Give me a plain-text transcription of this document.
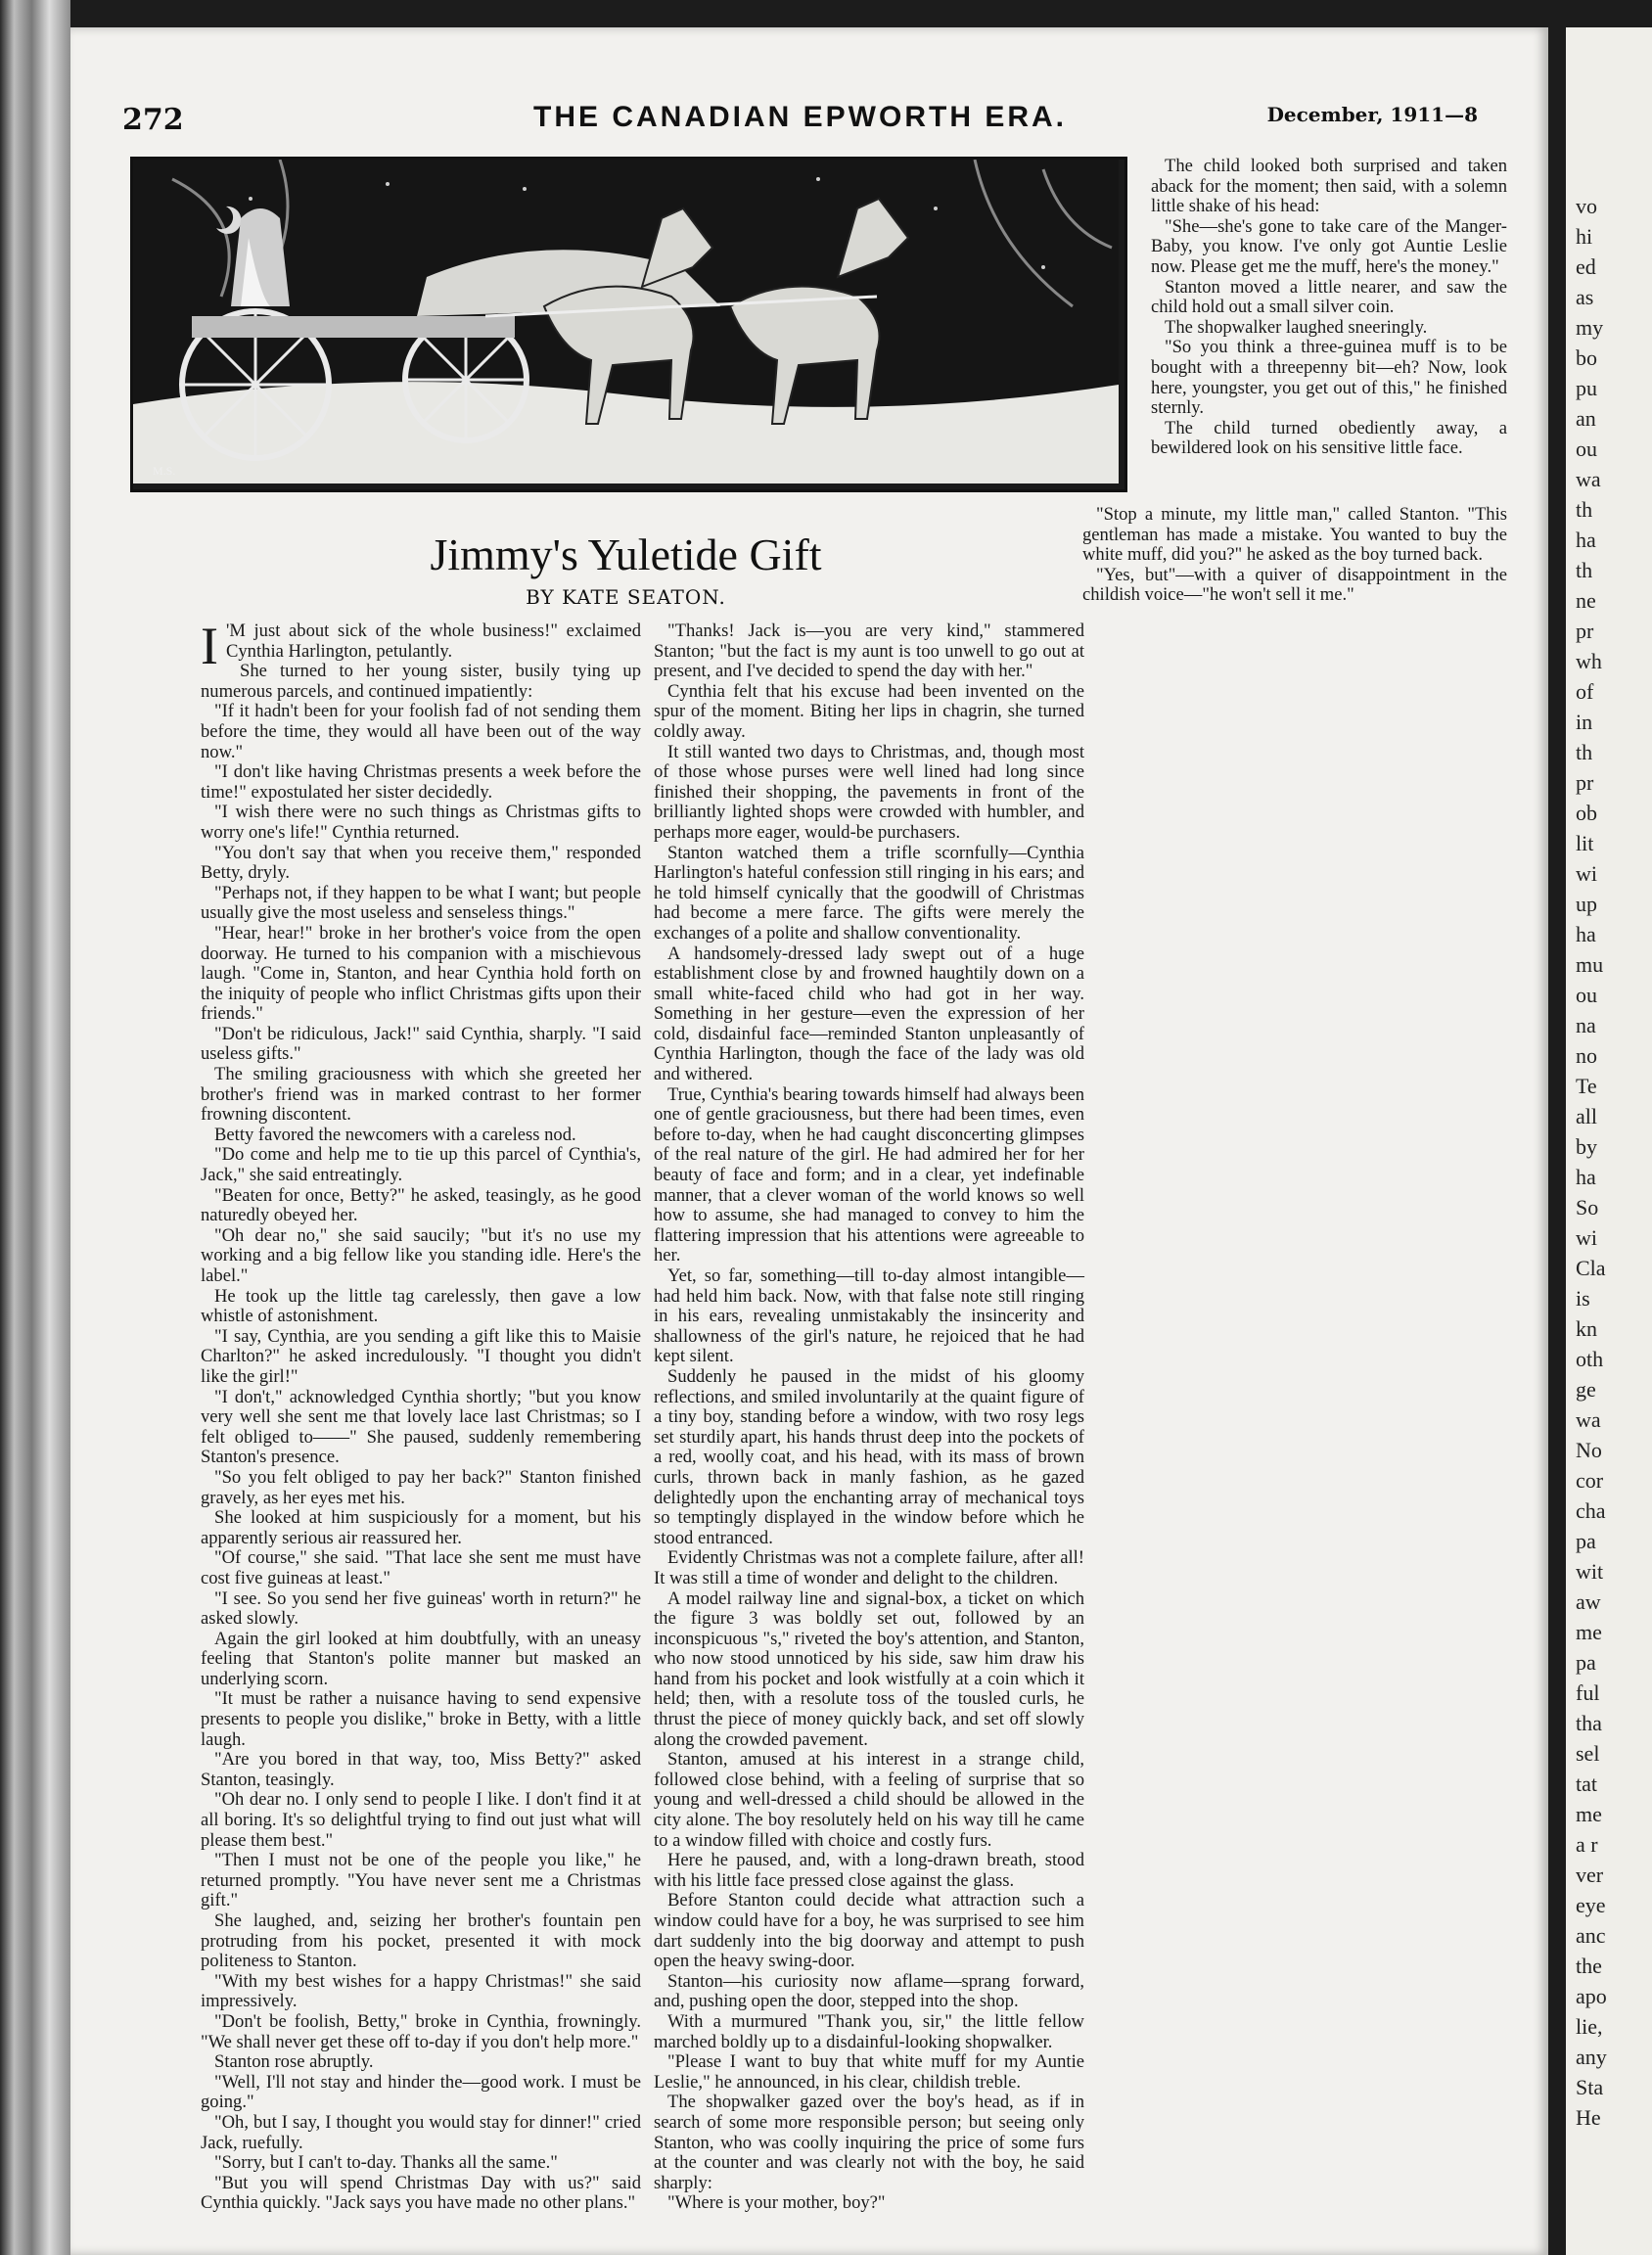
vo
hi
ed
as
my
bo
pu
an
ou
wa
th
ha
th
ne
pr
wh
of
in
th
pr
ob
lit
wi
up
ha
mu
ou
na
no
Te
all
by
ha
So
wi
Cla
is
kn
oth
ge
wa
No
cor
cha
pa
wit
aw
me
pa
ful
tha
sel
tat
me
a r
ver
eye
anc
the
apo
lie,
any
Sta
He
272	THE CANADIAN EPWORTH ERA.	December, 1911—8
M.S.
Jimmy's Yuletide Gift
BY KATE SEATON.

I 'M just about sick of the whole business!" exclaimed Cynthia Harlington, petulantly.

She turned to her young sister, busily tying up numerous parcels, and continued impatiently:

"If it hadn't been for your foolish fad of not sending them before the time, they would all have been out of the way now."

"I don't like having Christmas presents a week before the time!" expostulated her sister decidedly.

"I wish there were no such things as Christmas gifts to worry one's life!" Cynthia returned.

"You don't say that when you receive them," responded Betty, dryly.

"Perhaps not, if they happen to be what I want; but people usually give the most useless and senseless things."

"Hear, hear!" broke in her brother's voice from the open doorway. He turned to his companion with a mischievous laugh. "Come in, Stanton, and hear Cynthia hold forth on the iniquity of people who inflict Christmas gifts upon their friends."

"Don't be ridiculous, Jack!" said Cynthia, sharply. "I said useless gifts."

The smiling graciousness with which she greeted her brother's friend was in marked contrast to her former frowning discontent.

Betty favored the newcomers with a careless nod.

"Do come and help me to tie up this parcel of Cynthia's, Jack," she said entreatingly.

"Beaten for once, Betty?" he asked, teasingly, as he good naturedly obeyed her.

"Oh dear no," she said saucily; "but it's no use my working and a big fellow like you standing idle. Here's the label."

He took up the little tag carelessly, then gave a low whistle of astonishment.

"I say, Cynthia, are you sending a gift like this to Maisie Charlton?" he asked incredulously. "I thought you didn't like the girl!"

"I don't," acknowledged Cynthia shortly; "but you know very well she sent me that lovely lace last Christmas; so I felt obliged to——" She paused, suddenly remembering Stanton's presence.

"So you felt obliged to pay her back?" Stanton finished gravely, as her eyes met his.

She looked at him suspiciously for a moment, but his apparently serious air reassured her.

"Of course," she said. "That lace she sent me must have cost five guineas at least."

"I see. So you send her five guineas' worth in return?" he asked slowly.

Again the girl looked at him doubtfully, with an uneasy feeling that Stanton's polite manner but masked an underlying scorn.

"It must be rather a nuisance having to send expensive presents to people you dislike," broke in Betty, with a little laugh.

"Are you bored in that way, too, Miss Betty?" asked Stanton, teasingly.

"Oh dear no. I only send to people I like. I don't find it at all boring. It's so delightful trying to find out just what will please them best."

"Then I must not be one of the people you like," he returned promptly. "You have never sent me a Christmas gift."

She laughed, and, seizing her brother's fountain pen protruding from his pocket, presented it with mock politeness to Stanton.

"With my best wishes for a happy Christmas!" she said impressively.

"Don't be foolish, Betty," broke in Cynthia, frowningly. "We shall never get these off to-day if you don't help more."

Stanton rose abruptly.

"Well, I'll not stay and hinder the—good work. I must be going."

"Oh, but I say, I thought you would stay for dinner!" cried Jack, ruefully.

"Sorry, but I can't to-day. Thanks all the same."

"But you will spend Christmas Day with us?" said Cynthia quickly. "Jack says you have made no other plans."

"Thanks! Jack is—you are very kind," stammered Stanton; "but the fact is my aunt is too unwell to go out at present, and I've decided to spend the day with her."

Cynthia felt that his excuse had been invented on the spur of the moment. Biting her lips in chagrin, she turned coldly away.

It still wanted two days to Christmas, and, though most of those whose purses were well lined had long since finished their shopping, the pavements in front of the brilliantly lighted shops were crowded with humbler, and perhaps more eager, would-be purchasers.

Stanton watched them a trifle scornfully—Cynthia Harlington's hateful confession still ringing in his ears; and he told himself cynically that the goodwill of Christmas had become a mere farce. The gifts were merely the exchanges of a polite and shallow conventionality.

A handsomely-dressed lady swept out of a huge establishment close by and frowned haughtily down on a small white-faced child who had got in her way. Something in her gesture—even the expression of her cold, disdainful face—reminded Stanton unpleasantly of Cynthia Harlington, though the face of the lady was old and withered.

True, Cynthia's bearing towards himself had always been one of gentle graciousness, but there had been times, even before to-day, when he had caught disconcerting glimpses of the real nature of the girl. He had admired her for her beauty of face and form; and in a clear, yet indefinable manner, that a clever woman of the world knows so well how to assume, she had managed to convey to him the flattering impression that his attentions were agreeable to her.

Yet, so far, something—till to-day almost intangible—had held him back. Now, with that false note still ringing in his ears, revealing unmistakably the insincerity and shallowness of the girl's nature, he rejoiced that he had kept silent.

Suddenly he paused in the midst of his gloomy reflections, and smiled involuntarily at the quaint figure of a tiny boy, standing before a window, with two rosy legs set sturdily apart, his hands thrust deep into the pockets of a red, woolly coat, and his head, with its mass of brown curls, thrown back in manly fashion, as he gazed delightedly upon the enchanting array of mechanical toys so temptingly displayed in the window before which he stood entranced.

Evidently Christmas was not a complete failure, after all! It was still a time of wonder and delight to the children.

A model railway line and signal-box, a ticket on which the figure 3 was boldly set out, followed by an inconspicuous "s," riveted the boy's attention, and Stanton, who now stood unnoticed by his side, saw him draw his hand from his pocket and look wistfully at a coin which it held; then, with a resolute toss of the tousled curls, he thrust the piece of money quickly back, and set off slowly along the crowded pavement.

Stanton, amused at his interest in a strange child, followed close behind, with a feeling of surprise that so young and well-dressed a child should be allowed in the city alone. The boy resolutely held on his way till he came to a window filled with choice and costly furs.

Here he paused, and, with a long-drawn breath, stood with his little face pressed close against the glass.

Before Stanton could decide what attraction such a window could have for a boy, he was surprised to see him dart suddenly into the big doorway and attempt to push open the heavy swing-door.

Stanton—his curiosity now aflame—sprang forward, and, pushing open the door, stepped into the shop.

With a murmured "Thank you, sir," the little fellow marched boldly up to a disdainful-looking shopwalker.

"Please I want to buy that white muff for my Auntie Leslie," he announced, in his clear, childish treble.

The shopwalker gazed over the boy's head, as if in search of some more responsible person; but seeing only Stanton, who was coolly inquiring the price of some furs at the counter and was clearly not with the boy, he said sharply:

"Where is your mother, boy?"

The child looked both surprised and taken aback for the moment; then said, with a solemn little shake of his head:

"She—she's gone to take care of the Manger-Baby, you know. I've only got Auntie Leslie now. Please get me the muff, here's the money."

Stanton moved a little nearer, and saw the child hold out a small silver coin.

The shopwalker laughed sneeringly.

"So you think a three-guinea muff is to be bought with a threepenny bit—eh? Now, look here, youngster, you get out of this," he finished sternly.

The child turned obediently away, a bewildered look on his sensitive little face.

"Stop a minute, my little man," called Stanton. "This gentleman has made a mistake. You wanted to buy the white muff, did you?" he asked as the boy turned back.

"Yes, but"—with a quiver of disappointment in the childish voice—"he won't sell it me."
